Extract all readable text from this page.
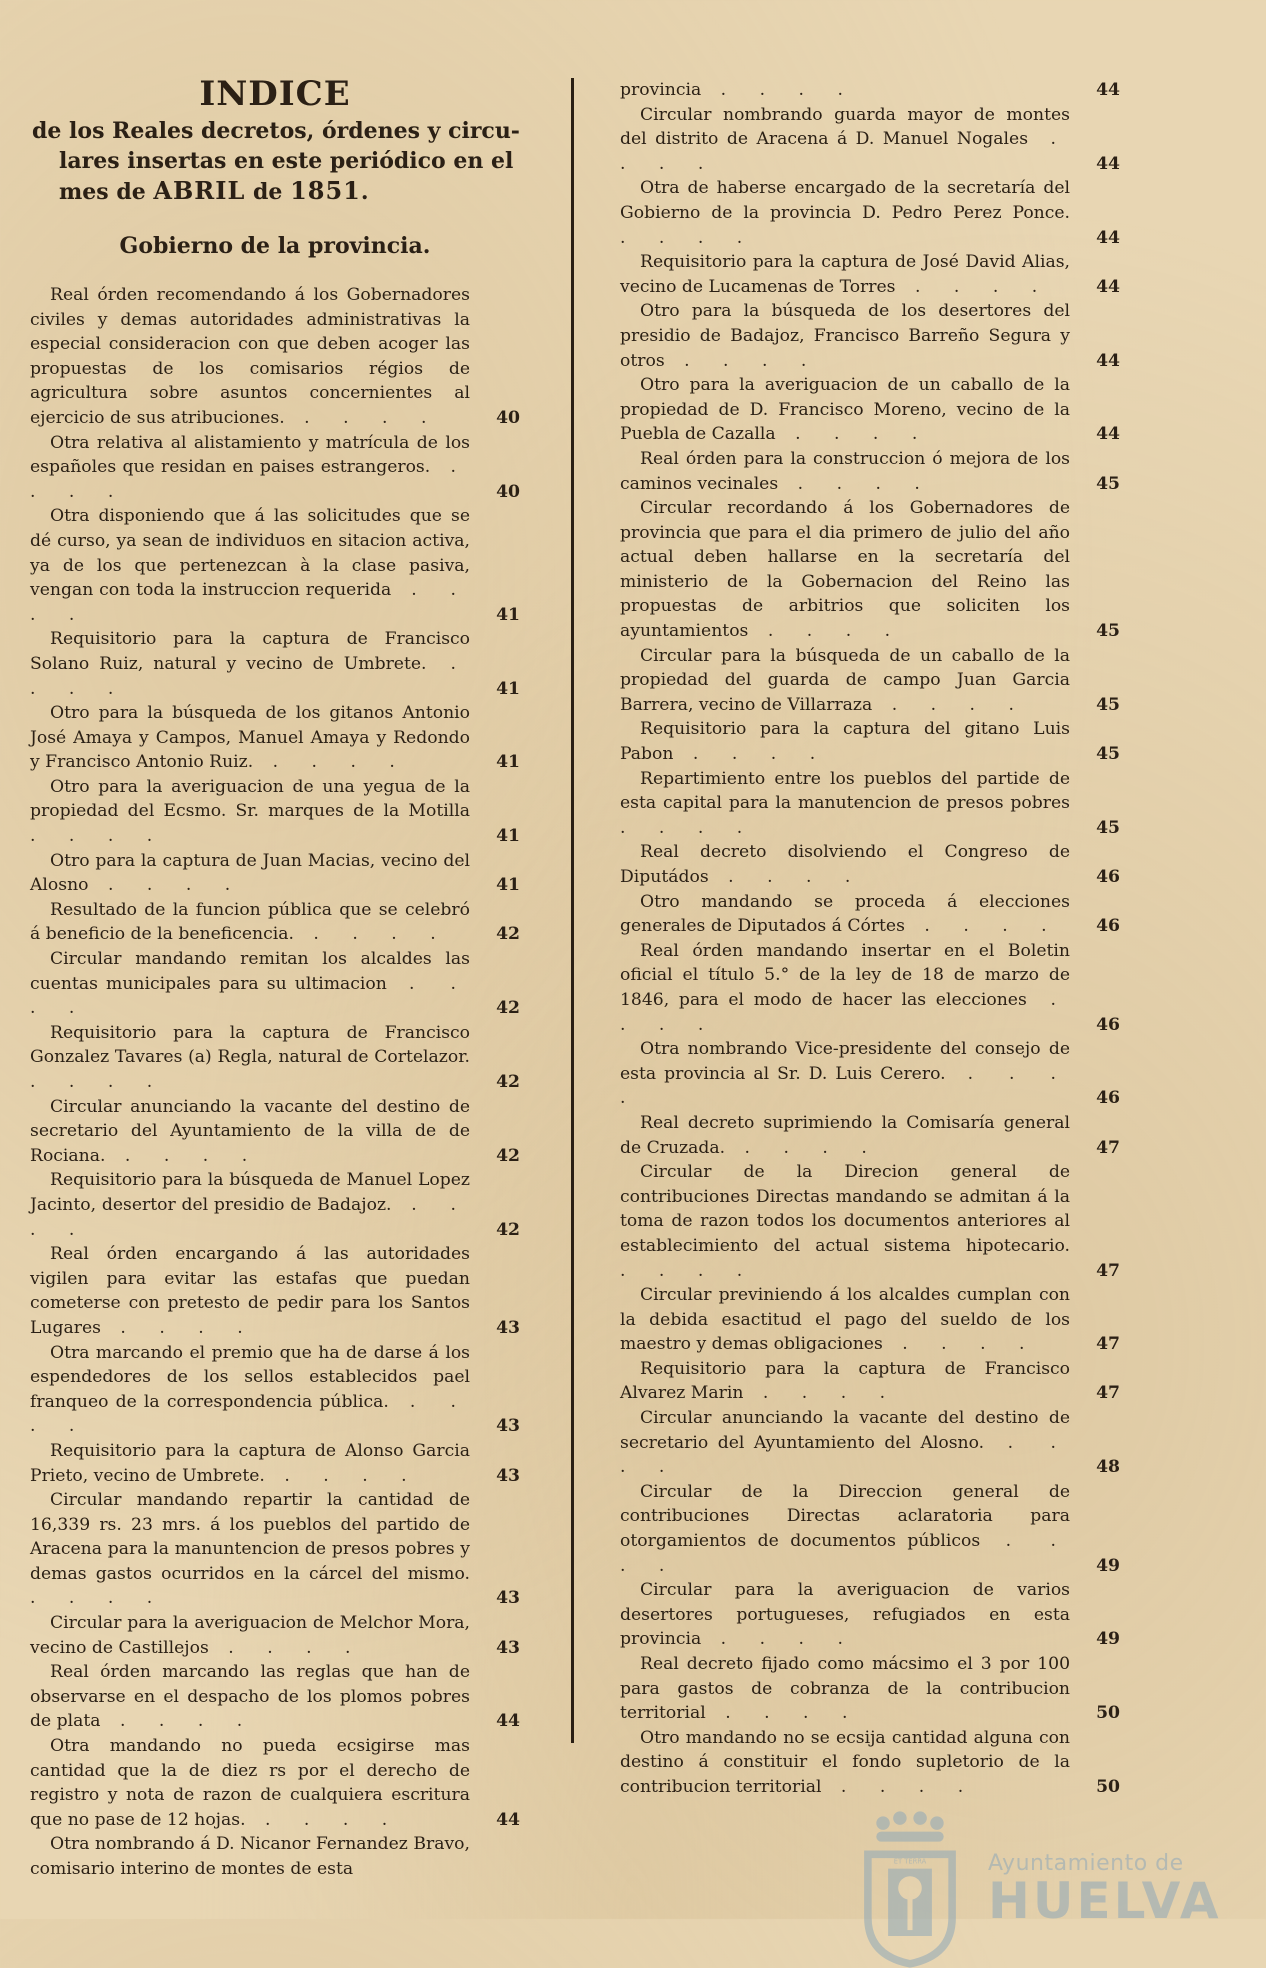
INDICE
de los Reales decretos, órdenes y circu-
lares insertas en este periódico en el
mes de ABRIL de 1851.
Gobierno de la provincia.
Real órden recomendando á los Gobernadores civiles y demas autoridades administrativas la especial consideracion con que deben acoger las propuestas de los comisarios régios de agricultura sobre asuntos concernientes al ejercicio de sus atribuciones. . . . .	40
Otra relativa al alistamiento y matrícula de los españoles que residan en paises estrangeros. . . . .	40
Otra disponiendo que á las solicitudes que se dé curso, ya sean de individuos en sitacion activa, ya de los que pertenezcan à la clase pasiva, vengan con toda la instruccion requerida . . . .	41
Requisitorio para la captura de Francisco Solano Ruiz, natural y vecino de Umbrete. . . . .	41
Otro para la búsqueda de los gitanos Antonio José Amaya y Campos, Manuel Amaya y Redondo y Francisco Antonio Ruiz. . . . .	41
Otro para la averiguacion de una yegua de la propiedad del Ecsmo. Sr. marques de la Motilla . . . .	41
Otro para la captura de Juan Macias, vecino del Alosno . . . .	41
Resultado de la funcion pública que se celebró á beneficio de la beneficencia. . . . .	42
Circular mandando remitan los alcaldes las cuentas municipales para su ultimacion . . . .	42
Requisitorio para la captura de Francisco Gonzalez Tavares (a) Regla, natural de Cortelazor. . . . .	42
Circular anunciando la vacante del destino de secretario del Ayuntamiento de la villa de de Rociana. . . . .	42
Requisitorio para la búsqueda de Manuel Lopez Jacinto, desertor del presidio de Badajoz. . . . .	42
Real órden encargando á las autoridades vigilen para evitar las estafas que puedan cometerse con pretesto de pedir para los Santos Lugares . . . .	43
Otra marcando el premio que ha de darse á los espendedores de los sellos establecidos pael franqueo de la correspondencia pública. . . . .	43
Requisitorio para la captura de Alonso Garcia Prieto, vecino de Umbrete. . . . .	43
Circular mandando repartir la cantidad de 16,339 rs. 23 mrs. á los pueblos del partido de Aracena para la manuntencion de presos pobres y demas gastos ocurridos en la cárcel del mismo. . . . .	43
Circular para la averiguacion de Melchor Mora, vecino de Castillejos . . . .	43
Real órden marcando las reglas que han de observarse en el despacho de los plomos pobres de plata . . . .	44
Otra mandando no pueda ecsigirse mas cantidad que la de diez rs por el derecho de registro y nota de razon de cualquiera escritura que no pase de 12 hojas. . . . .	44
Otra nombrando á D. Nicanor Fernandez Bravo, comisario interino de montes de esta
provincia . . . .	44
Circular nombrando guarda mayor de montes del distrito de Aracena á D. Manuel Nogales . . . .	44
Otra de haberse encargado de la secretaría del Gobierno de la provincia D. Pedro Perez Ponce. . . . .	44
Requisitorio para la captura de José David Alias, vecino de Lucamenas de Torres . . . .	44
Otro para la búsqueda de los desertores del presidio de Badajoz, Francisco Barreño Segura y otros . . . .	44
Otro para la averiguacion de un caballo de la propiedad de D. Francisco Moreno, vecino de la Puebla de Cazalla . . . .	44
Real órden para la construccion ó mejora de los caminos vecinales . . . .	45
Circular recordando á los Gobernadores de provincia que para el dia primero de julio del año actual deben hallarse en la secretaría del ministerio de la Gobernacion del Reino las propuestas de arbitrios que soliciten los ayuntamientos . . . .	45
Circular para la búsqueda de un caballo de la propiedad del guarda de campo Juan Garcia Barrera, vecino de Villarraza . . . .	45
Requisitorio para la captura del gitano Luis Pabon . . . .	45
Repartimiento entre los pueblos del partide de esta capital para la manutencion de presos pobres . . . .	45
Real decreto disolviendo el Congreso de Diputádos . . . .	46
Otro mandando se proceda á elecciones generales de Diputados á Córtes . . . .	46
Real órden mandando insertar en el Boletin oficial el título 5.° de la ley de 18 de marzo de 1846, para el modo de hacer las elecciones . . . .	46
Otra nombrando Vice-presidente del consejo de esta provincia al Sr. D. Luis Cerero. . . . .	46
Real decreto suprimiendo la Comisaría general de Cruzada. . . . .	47
Circular de la Direcion general de contribuciones Directas mandando se admitan á la toma de razon todos los documentos anteriores al establecimiento del actual sistema hipotecario. . . . .	47
Circular previniendo á los alcaldes cumplan con la debida esactitud el pago del sueldo de los maestro y demas obligaciones . . . .	47
Requisitorio para la captura de Francisco Alvarez Marin . . . .	47
Circular anunciando la vacante del destino de secretario del Ayuntamiento del Alosno. . . . .	48
Circular de la Direccion general de contribuciones Directas aclaratoria para otorgamientos de documentos públicos . . . .	49
Circular para la averiguacion de varios desertores portugueses, refugiados en esta provincia . . . .	49
Real decreto fijado como mácsimo el 3 por 100 para gastos de cobranza de la contribucion territorial . . . .	50
Otro mandando no se ecsija cantidad alguna con destino á constituir el fondo supletorio de la contribucion territorial . . . .	50
ET TERRA	Ayuntamiento de
HUELVA
